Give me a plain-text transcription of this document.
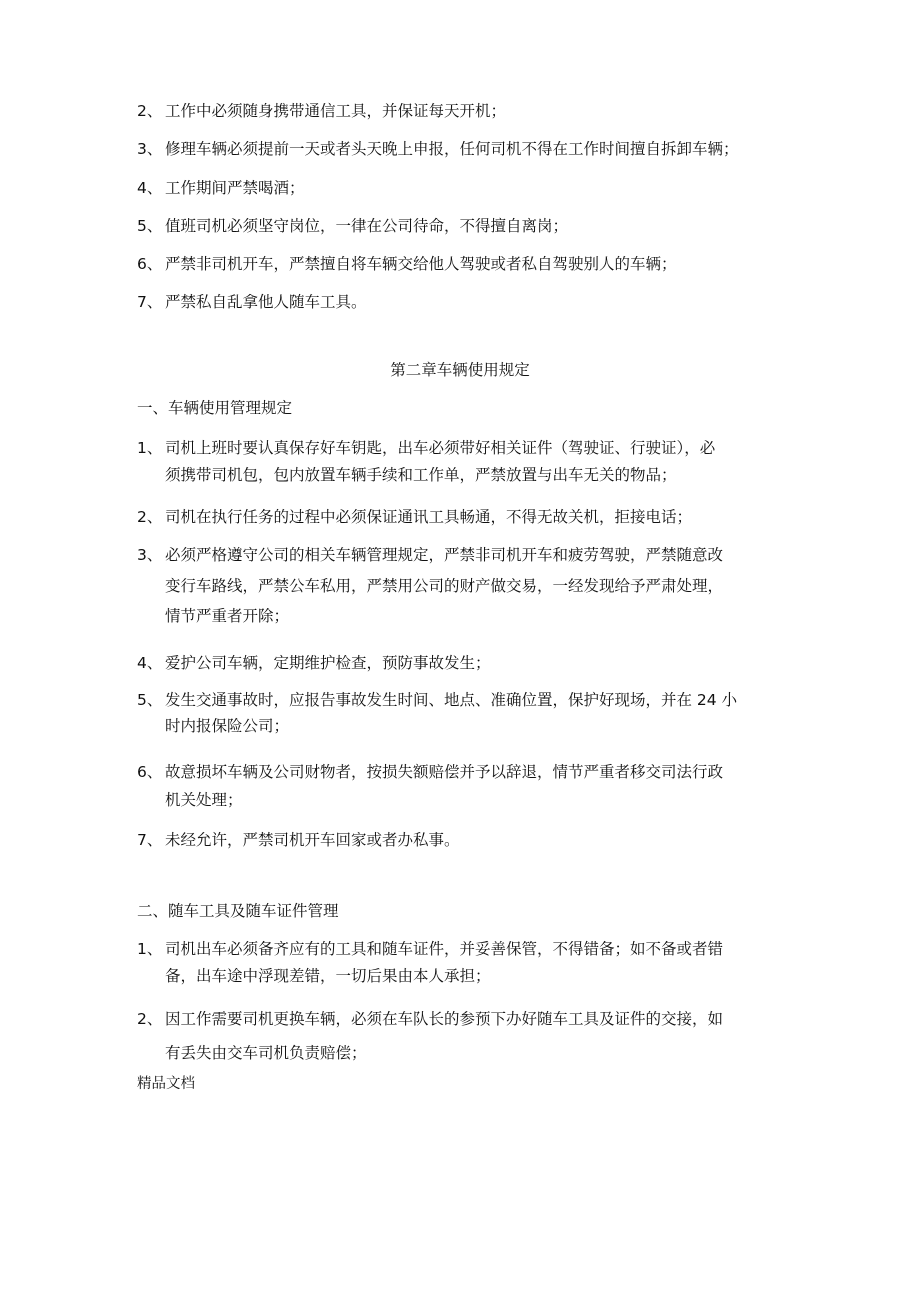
2、 工作中必须随身携带通信工具，并保证每天开机；
3、 修理车辆必须提前一天或者头天晚上申报，任何司机不得在工作时间擅自拆卸车辆；
4、 工作期间严禁喝酒；
5、 值班司机必须坚守岗位，一律在公司待命，不得擅自离岗；
6、 严禁非司机开车，严禁擅自将车辆交给他人驾驶或者私自驾驶别人的车辆；
7、 严禁私自乱拿他人随车工具。
第二章车辆使用规定
一、车辆使用管理规定
1、 司机上班时要认真保存好车钥匙，出车必须带好相关证件（驾驶证、行驶证），必
须携带司机包，包内放置车辆手续和工作单，严禁放置与出车无关的物品；
2、 司机在执行任务的过程中必须保证通讯工具畅通，不得无故关机，拒接电话；
3、 必须严格遵守公司的相关车辆管理规定，严禁非司机开车和疲劳驾驶，严禁随意改
变行车路线，严禁公车私用，严禁用公司的财产做交易，一经发现给予严肃处理，
情节严重者开除；
4、 爱护公司车辆，定期维护检查，预防事故发生；
5、 发生交通事故时，应报告事故发生时间、地点、准确位置，保护好现场，并在 24 小
时内报保险公司；
6、 故意损坏车辆及公司财物者，按损失额赔偿并予以辞退，情节严重者移交司法行政
机关处理；
7、 未经允许，严禁司机开车回家或者办私事。
二、随车工具及随车证件管理
1、 司机出车必须备齐应有的工具和随车证件，并妥善保管，不得错备；如不备或者错
备，出车途中浮现差错，一切后果由本人承担；
2、 因工作需要司机更换车辆，必须在车队长的参预下办好随车工具及证件的交接，如
有丢失由交车司机负责赔偿；
精品文档
